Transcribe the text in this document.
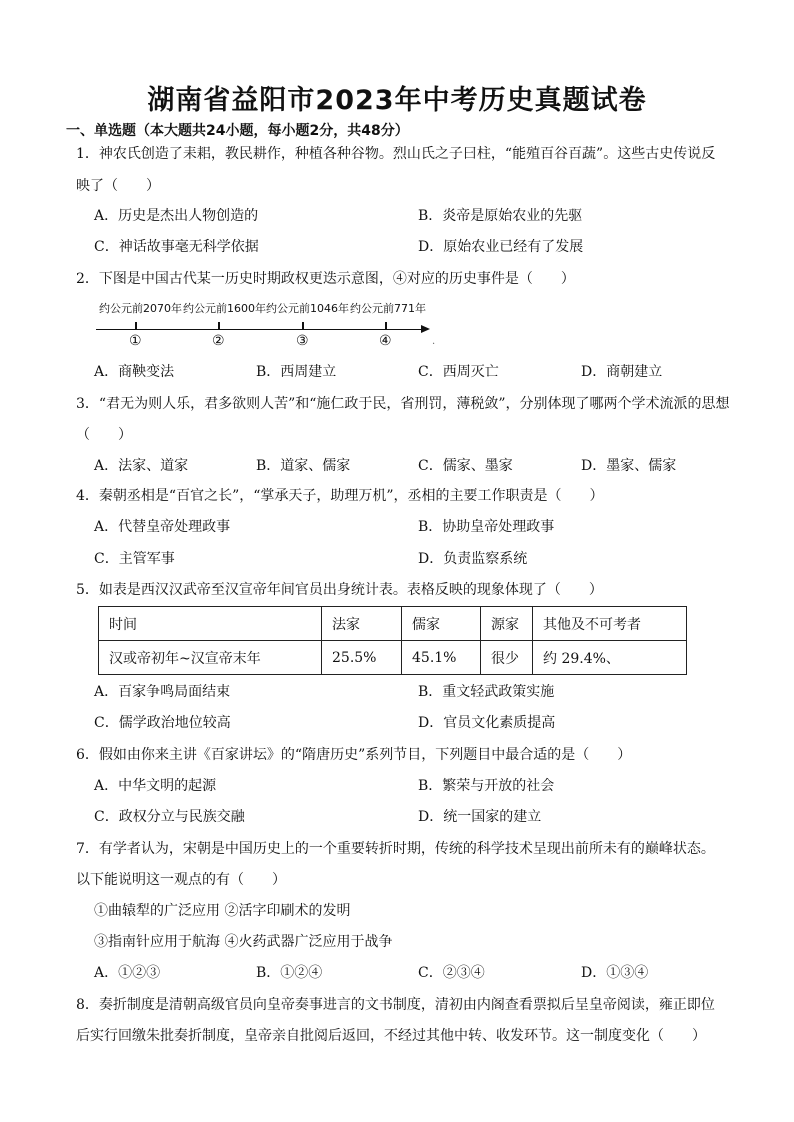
湖南省益阳市2023年中考历史真题试卷
一、单选题（本大题共24小题，每小题2分，共48分）
1．神农氏创造了耒耜，教民耕作，种植各种谷物。烈山氏之子曰柱，“能殖百谷百蔬”。这些古史传说反
映了（　　）
A．历史是杰出人物创造的	B．炎帝是原始农业的先驱
C．神话故事毫无科学依据	D．原始农业已经有了发展
2．下图是中国古代某一历史时期政权更迭示意图，④对应的历史事件是（　　）
约公元前2070年 约公元前1600年 约公元前1046年 约公元前771年
①	②	③	④	.
A．商鞅变法	B．西周建立	C．西周灭亡	D．商朝建立
3．“君无为则人乐，君多欲则人苦”和“施仁政于民，省刑罚，薄税敛”，分别体现了哪两个学术流派的思想
（　　）
A．法家、道家	B．道家、儒家	C．儒家、墨家	D．墨家、儒家
4．秦朝丞相是“百官之长”，“掌承天子，助理万机”，丞相的主要工作职责是（　　）
A．代替皇帝处理政事	B．协助皇帝处理政事
C．主管军事	D．负责监察系统
5．如表是西汉汉武帝至汉宣帝年间官员出身统计表。表格反映的现象体现了（　　）
时间	法家	儒家	源家	其他及不可考者
汉或帝初年~汉宣帝末年	25.5%	45.1%	很少	约 29.4%、
A．百家争鸣局面结束	B．重文轻武政策实施
C．儒学政治地位较高	D．官员文化素质提高
6．假如由你来主讲《百家讲坛》的“隋唐历史”系列节目，下列题目中最合适的是（　　）
A．中华文明的起源	B．繁荣与开放的社会
C．政权分立与民族交融	D．统一国家的建立
7．有学者认为，宋朝是中国历史上的一个重要转折时期，传统的科学技术呈现出前所未有的巅峰状态。
以下能说明这一观点的有（　　）
①曲辕犁的广泛应用 ②活字印刷术的发明
③指南针应用于航海 ④火药武器广泛应用于战争
A．①②③	B．①②④	C．②③④	D．①③④
8．奏折制度是清朝高级官员向皇帝奏事进言的文书制度，清初由内阁查看票拟后呈皇帝阅读，雍正即位
后实行回缴朱批奏折制度，皇帝亲自批阅后返回，不经过其他中转、收发环节。这一制度变化（　　）
